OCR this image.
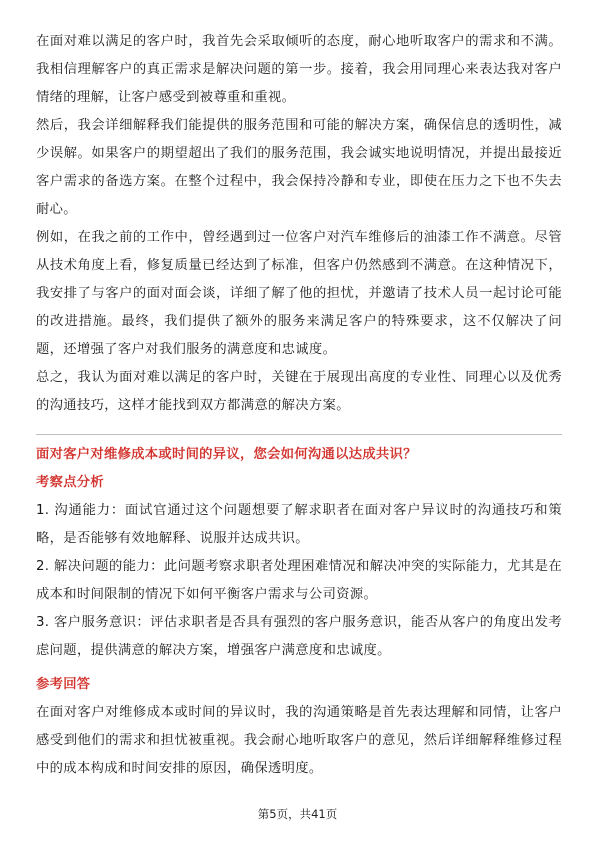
在面对难以满足的客户时，我首先会采取倾听的态度，耐心地听取客户的需求和不满。我相信理解客户的真正需求是解决问题的第一步。接着，我会用同理心来表达我对客户情绪的理解，让客户感受到被尊重和重视。

然后，我会详细解释我们能提供的服务范围和可能的解决方案，确保信息的透明性，减少误解。如果客户的期望超出了我们的服务范围，我会诚实地说明情况，并提出最接近客户需求的备选方案。在整个过程中，我会保持冷静和专业，即使在压力之下也不失去耐心。

例如，在我之前的工作中，曾经遇到过一位客户对汽车维修后的油漆工作不满意。尽管从技术角度上看，修复质量已经达到了标准，但客户仍然感到不满意。在这种情况下，我安排了与客户的面对面会谈，详细了解了他的担忧，并邀请了技术人员一起讨论可能的改进措施。最终，我们提供了额外的服务来满足客户的特殊要求，这不仅解决了问题，还增强了客户对我们服务的满意度和忠诚度。

总之，我认为面对难以满足的客户时，关键在于展现出高度的专业性、同理心以及优秀的沟通技巧，这样才能找到双方都满意的解决方案。

面对客户对维修成本或时间的异议，您会如何沟通以达成共识？

考察点分析

1. 沟通能力：面试官通过这个问题想要了解求职者在面对客户异议时的沟通技巧和策略，是否能够有效地解释、说服并达成共识。

2. 解决问题的能力：此问题考察求职者处理困难情况和解决冲突的实际能力，尤其是在成本和时间限制的情况下如何平衡客户需求与公司资源。

3. 客户服务意识：评估求职者是否具有强烈的客户服务意识，能否从客户的角度出发考虑问题，提供满意的解决方案，增强客户满意度和忠诚度。

参考回答

在面对客户对维修成本或时间的异议时，我的沟通策略是首先表达理解和同情，让客户感受到他们的需求和担忧被重视。我会耐心地听取客户的意见，然后详细解释维修过程中的成本构成和时间安排的原因，确保透明度。

第5页，共41页
